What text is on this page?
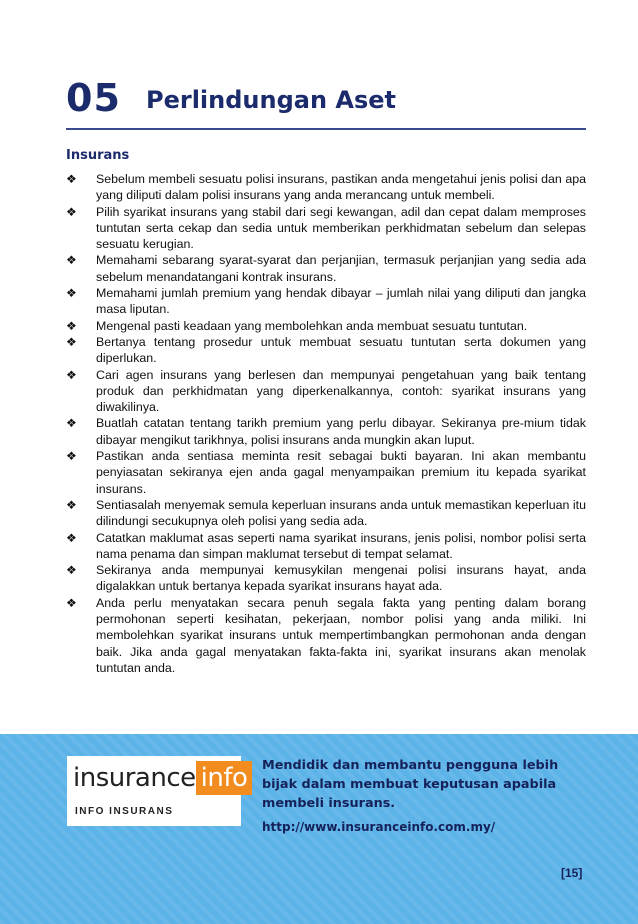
05 Perlindungan Aset
Insurans
❖ Sebelum membeli sesuatu polisi insurans, pastikan anda mengetahui jenis polisi dan apa yang diliputi dalam polisi insurans yang anda merancang untuk membeli.
❖ Pilih syarikat insurans yang stabil dari segi kewangan, adil dan cepat dalam memproses tuntutan serta cekap dan sedia untuk memberikan perkhidmatan sebelum dan selepas sesuatu kerugian.
❖ Memahami sebarang syarat-syarat dan perjanjian, termasuk perjanjian yang sedia ada sebelum menandatangani kontrak insurans.
❖ Memahami jumlah premium yang hendak dibayar – jumlah nilai yang diliputi dan jangka masa liputan.
❖ Mengenal pasti keadaan yang membolehkan anda membuat sesuatu tuntutan.
❖ Bertanya tentang prosedur untuk membuat sesuatu tuntutan serta dokumen yang diperlukan.
❖ Cari agen insurans yang berlesen dan mempunyai pengetahuan yang baik tentang produk dan perkhidmatan yang diperkenalkannya, contoh: syarikat insurans yang diwakilinya.
❖ Buatlah catatan tentang tarikh premium yang perlu dibayar. Sekiranya pre-mium tidak dibayar mengikut tarikhnya, polisi insurans anda mungkin akan luput.
❖ Pastikan anda sentiasa meminta resit sebagai bukti bayaran. Ini akan membantu penyiasatan sekiranya ejen anda gagal menyampaikan premium itu kepada syarikat insurans.
❖ Sentiasalah menyemak semula keperluan insurans anda untuk memastikan keperluan itu dilindungi secukupnya oleh polisi yang sedia ada.
❖ Catatkan maklumat asas seperti nama syarikat insurans, jenis polisi, nombor polisi serta nama penama dan simpan maklumat tersebut di tempat selamat.
❖ Sekiranya anda mempunyai kemusykilan mengenai polisi insurans hayat, anda digalakkan untuk bertanya kepada syarikat insurans hayat ada.
❖ Anda perlu menyatakan secara penuh segala fakta yang penting dalam borang permohonan seperti kesihatan, pekerjaan, nombor polisi yang anda miliki. Ini membolehkan syarikat insurans untuk mempertimbangkan permohonan anda dengan baik. Jika anda gagal menyatakan fakta-fakta ini, syarikat insurans akan menolak tuntutan anda.
insurance info
INFO INSURANS
Mendidik dan membantu pengguna lebih bijak dalam membuat keputusan apabila membeli insurans.
http://www.insuranceinfo.com.my/
[15]
